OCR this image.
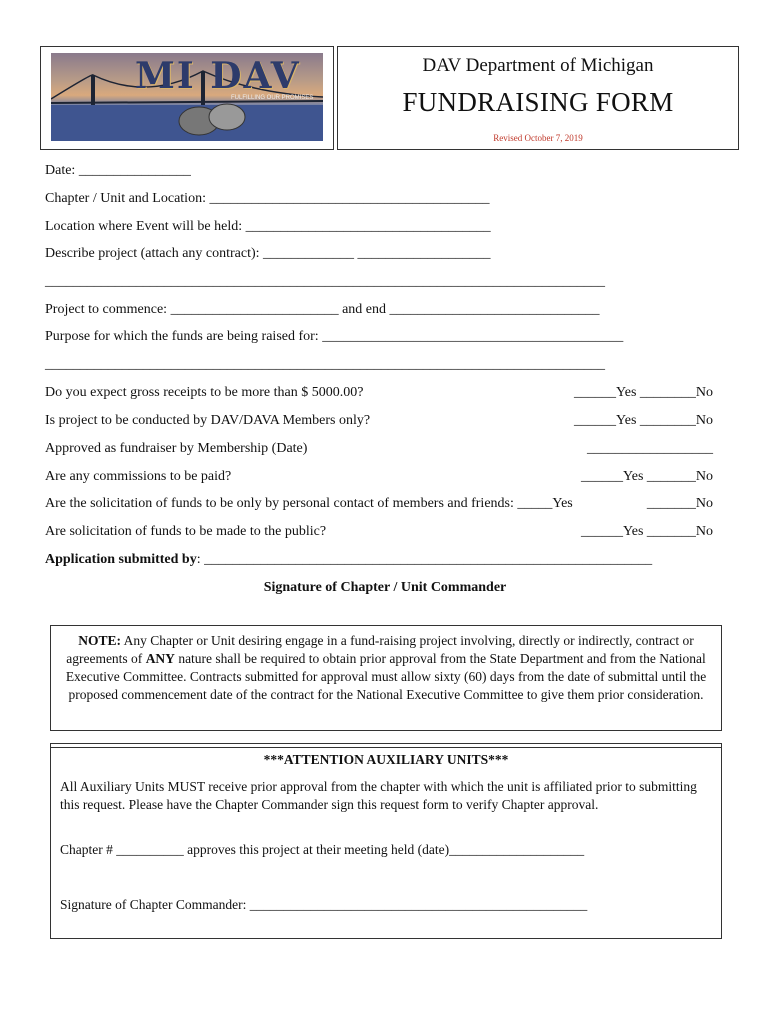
MI DAV
FULFILLING OUR PROMISES
DAV Department of Michigan
FUNDRAISING FORM
Revised October 7, 2019
Date: ________________
Chapter / Unit and Location: ________________________________________
Location where Event will be held: ___________________________________
Describe project (attach any contract): _____________ ___________________
________________________________________________________________________________
Project to commence: ________________________ and end ______________________________
Purpose for which the funds are being raised for: ___________________________________________
________________________________________________________________________________
Do you expect gross receipts to be more than $ 5000.00?	______Yes ________No
Is project to be conducted by DAV/DAVA Members only?	______Yes ________No
Approved as fundraiser by Membership (Date)	__________________
Are any commissions to be paid?	______Yes _______No
Are the solicitation of funds to be only by personal contact of members and friends: _____Yes	_______No
Are solicitation of funds to be made to the public?	______Yes _______No
Application submitted by: ________________________________________________________________
Signature of Chapter / Unit Commander
NOTE: Any Chapter or Unit desiring engage in a fund-raising project involving, directly or indirectly, contract or agreements of ANY nature shall be required to obtain prior approval from the State Department and from the National Executive Committee. Contracts submitted for approval must allow sixty (60) days from the date of submittal until the proposed commencement date of the contract for the National Executive Committee to give them prior consideration.
***ATTENTION AUXILIARY UNITS***
All Auxiliary Units MUST receive prior approval from the chapter with which the unit is affiliated prior to submitting this request. Please have the Chapter Commander sign this request form to verify Chapter approval.
Chapter # __________ approves this project at their meeting held (date)____________________
Signature of Chapter Commander: __________________________________________________
